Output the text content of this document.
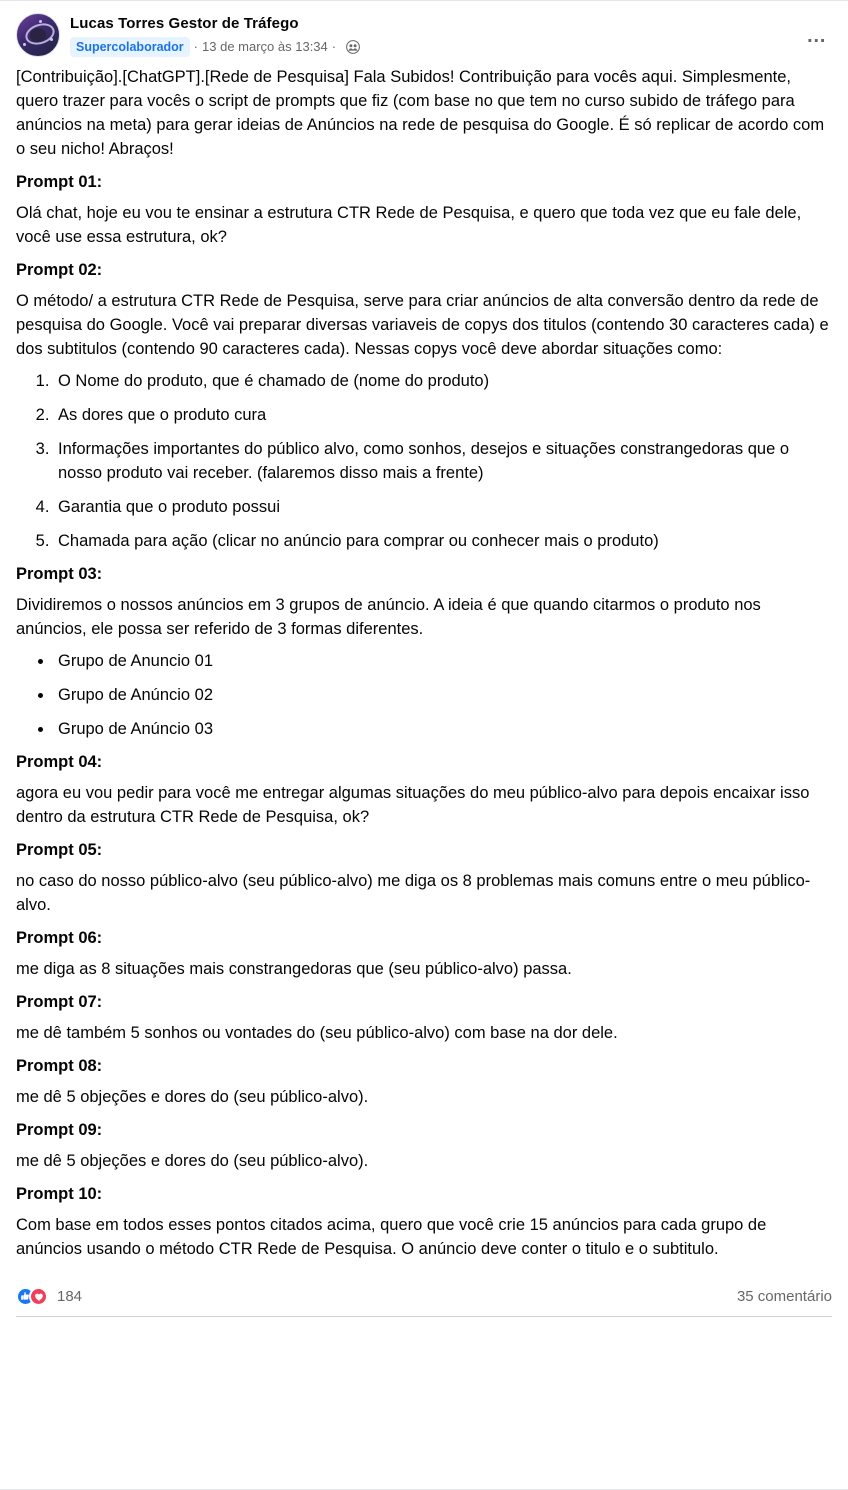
Lucas Torres Gestor de Tráfego
Supercolaborador · 13 de março às 13:34 ·	…

[Contribuição].[ChatGPT].[Rede de Pesquisa] Fala Subidos! Contribuição para vocês aqui. Simplesmente, quero trazer para vocês o script de prompts que fiz (com base no que tem no curso subido de tráfego para anúncios na meta) para gerar ideias de Anúncios na rede de pesquisa do Google. É só replicar de acordo com o seu nicho! Abraços!

Prompt 01:

Olá chat, hoje eu vou te ensinar a estrutura CTR Rede de Pesquisa, e quero que toda vez que eu fale dele, você use essa estrutura, ok?

Prompt 02:

O método/ a estrutura CTR Rede de Pesquisa, serve para criar anúncios de alta conversão dentro da rede de pesquisa do Google. Você vai preparar diversas variaveis de copys dos titulos (contendo 30 caracteres cada) e dos subtitulos (contendo 90 caracteres cada). Nessas copys você deve abordar situações como:

1. O Nome do produto, que é chamado de (nome do produto)
2. As dores que o produto cura
3. Informações importantes do público alvo, como sonhos, desejos e situações constrangedoras que o nosso produto vai receber. (falaremos disso mais a frente)
4. Garantia que o produto possui
5. Chamada para ação (clicar no anúncio para comprar ou conhecer mais o produto)
Prompt 03:

Dividiremos o nossos anúncios em 3 grupos de anúncio. A ideia é que quando citarmos o produto nos anúncios, ele possa ser referido de 3 formas diferentes.

• Grupo de Anuncio 01
• Grupo de Anúncio 02
• Grupo de Anúncio 03
Prompt 04:

agora eu vou pedir para você me entregar algumas situações do meu público-alvo para depois encaixar isso dentro da estrutura CTR Rede de Pesquisa, ok?

Prompt 05:

no caso do nosso público-alvo (seu público-alvo) me diga os 8 problemas mais comuns entre o meu público-alvo.

Prompt 06:

me diga as 8 situações mais constrangedoras que (seu público-alvo) passa.

Prompt 07:

me dê também 5 sonhos ou vontades do (seu público-alvo) com base na dor dele.

Prompt 08:

me dê 5 objeções e dores do (seu público-alvo).

Prompt 09:

me dê 5 objeções e dores do (seu público-alvo).

Prompt 10:

Com base em todos esses pontos citados acima, quero que você crie 15 anúncios para cada grupo de anúncios usando o método CTR Rede de Pesquisa. O anúncio deve conter o titulo e o subtitulo.

184	35 comentário
